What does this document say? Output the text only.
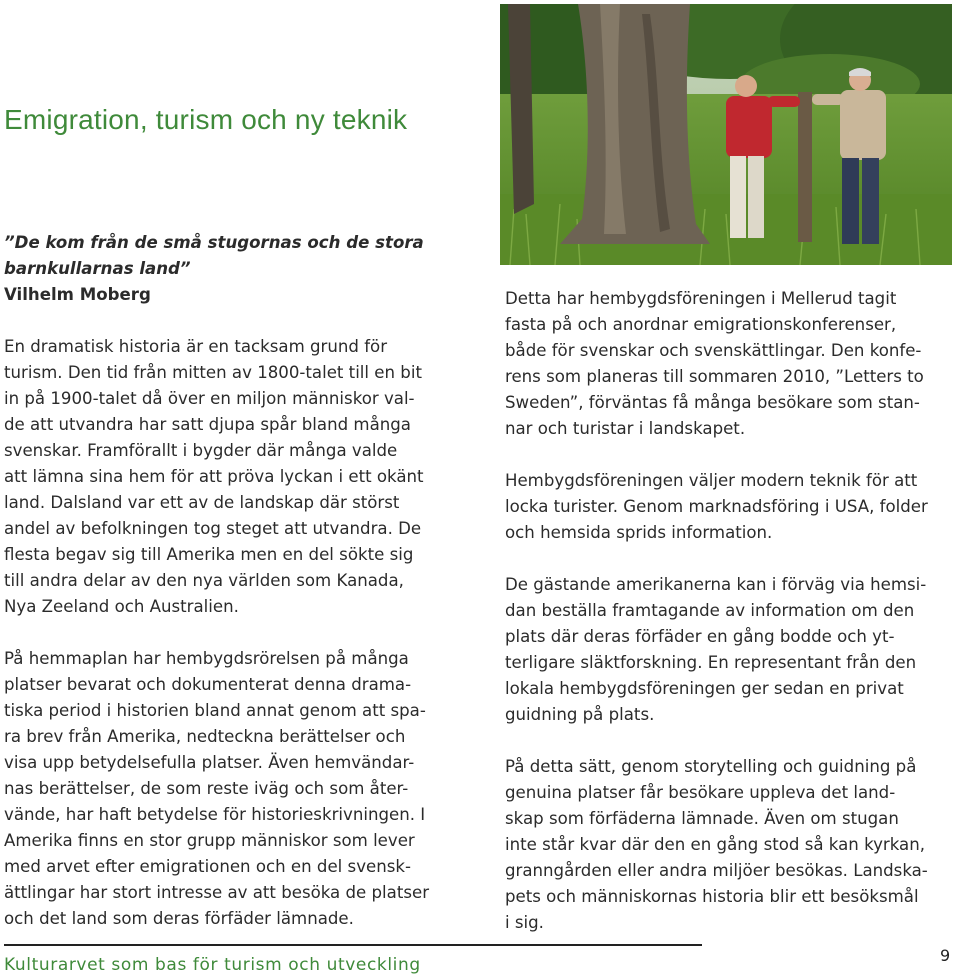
Emigration, turism och ny teknik

”De kom från de små stugornas och de stora
barnkullarnas land”

Vilhelm Moberg

En dramatisk historia är en tacksam grund för
turism. Den tid från mitten av 1800-talet till en bit
in på 1900-talet då över en miljon människor val-
de att utvandra har satt djupa spår bland många
svenskar. Framförallt i bygder där många valde
att lämna sina hem för att pröva lyckan i ett okänt
land. Dalsland var ett av de landskap där störst
andel av befolkningen tog steget att utvandra. De
flesta begav sig till Amerika men en del sökte sig
till andra delar av den nya världen som Kanada,
Nya Zeeland och Australien.

På hemmaplan har hembygdsrörelsen på många
platser bevarat och dokumenterat denna drama-
tiska period i historien bland annat genom att spa-
ra brev från Amerika, nedteckna berättelser och
visa upp betydelsefulla platser. Även hemvändar-
nas berättelser, de som reste iväg och som åter-
vände, har haft betydelse för historieskrivningen. I
Amerika finns en stor grupp människor som lever
med arvet efter emigrationen och en del svensk-
ättlingar har stort intresse av att besöka de platser
och det land som deras förfäder lämnade.

Detta har hembygdsföreningen i Mellerud tagit
fasta på och anordnar emigrationskonferenser,
både för svenskar och svenskättlingar. Den konfe-
rens som planeras till sommaren 2010, ”Letters to
Sweden”, förväntas få många besökare som stan-
nar och turistar i landskapet.

Hembygdsföreningen väljer modern teknik för att
locka turister. Genom marknadsföring i USA, folder
och hemsida sprids information.

De gästande amerikanerna kan i förväg via hemsi-
dan beställa framtagande av information om den
plats där deras förfäder en gång bodde och yt-
terligare släktforskning. En representant från den
lokala hembygdsföreningen ger sedan en privat
guidning på plats.

På detta sätt, genom storytelling och guidning på
genuina platser får besökare uppleva det land-
skap som förfäderna lämnade. Även om stugan
inte står kvar där den en gång stod så kan kyrkan,
granngården eller andra miljöer besökas. Landska-
pets och människornas historia blir ett besöksmål
i sig.

Kulturarvet som bas för turism och utveckling	9
